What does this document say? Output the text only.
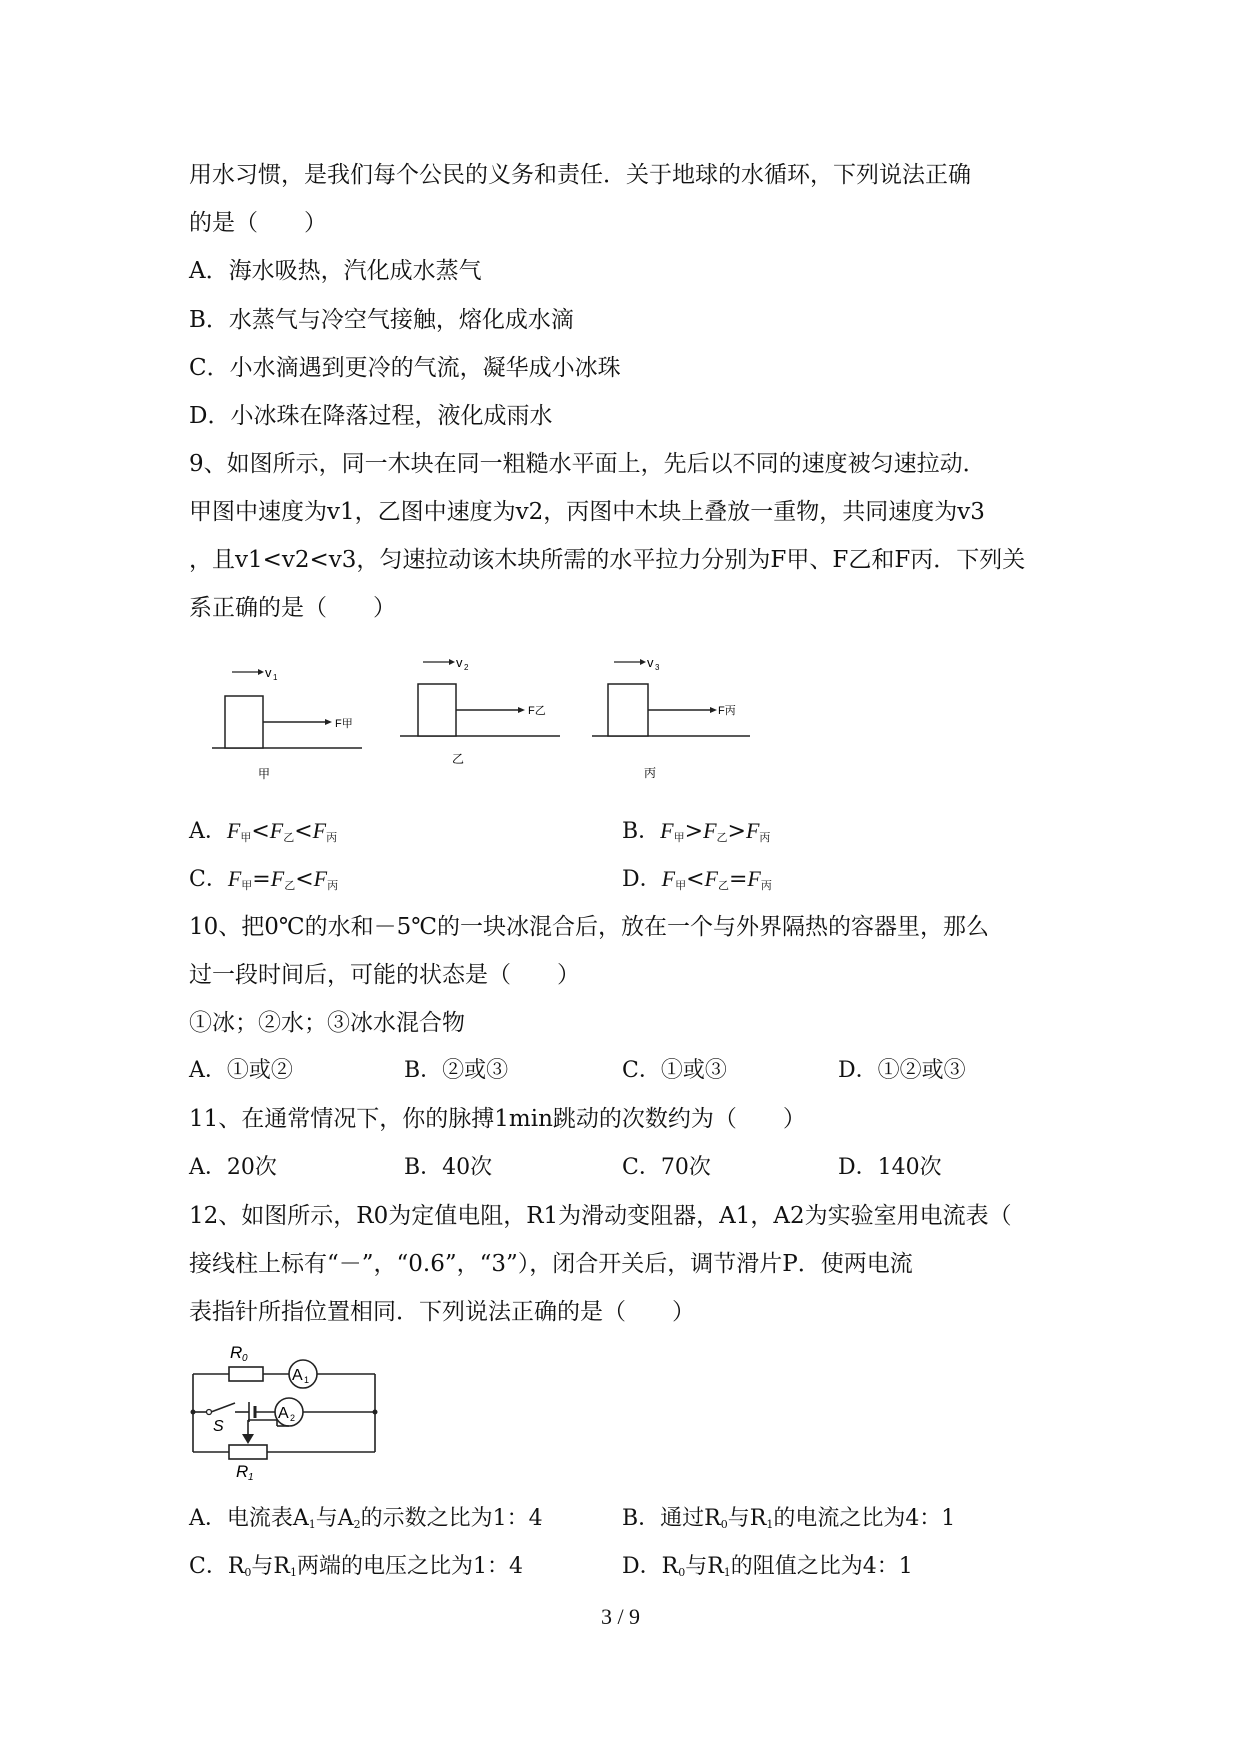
用水习惯，是我们每个公民的义务和责任．关于地球的水循环，下列说法正确
的是（　　）
A．海水吸热，汽化成水蒸气
B．水蒸气与冷空气接触，熔化成水滴
C．小水滴遇到更冷的气流，凝华成小冰珠
D．小冰珠在降落过程，液化成雨水
9、如图所示，同一木块在同一粗糙水平面上，先后以不同的速度被匀速拉动．
甲图中速度为v1，乙图中速度为v2，丙图中木块上叠放一重物，共同速度为v3
，且v1<v2<v3，匀速拉动该木块所需的水平拉力分别为F甲、F乙和F丙．下列关
系正确的是（　　）
v 1
F甲
甲
v 2
F乙
乙
v 3
F丙
丙
A．$F_甲<F_乙<F_丙$	B．$F_甲>F_乙>F_丙$
C．$F_甲=F_乙<F_丙$	D．$F_甲<F_乙=F_丙$
10、把0℃的水和－5℃的一块冰混合后，放在一个与外界隔热的容器里，那么
过一段时间后，可能的状态是（　　）
①冰；②水；③冰水混合物
A．①或②	B．②或③	C．①或③	D．①②或③
11、在通常情况下，你的脉搏1min跳动的次数约为（　　）
A．20次	B．40次	C．70次	D．140次
12、如图所示，R0为定值电阻，R1为滑动变阻器，A1，A2为实验室用电流表（
接线柱上标有“－”，“0.6”，“3”），闭合开关后，调节滑片P．使两电流
表指针所指位置相同．下列说法正确的是（　　）
R 0
A 1
S
A 2
R 1
A．电流表$A_1$与$A_2$的示数之比为1：4	B．通过$R_0$与$R_1$的电流之比为4：1
C．$R_0$与$R_1$两端的电压之比为1：4	D．$R_0$与$R_1$的阻值之比为4：1
3 / 9
